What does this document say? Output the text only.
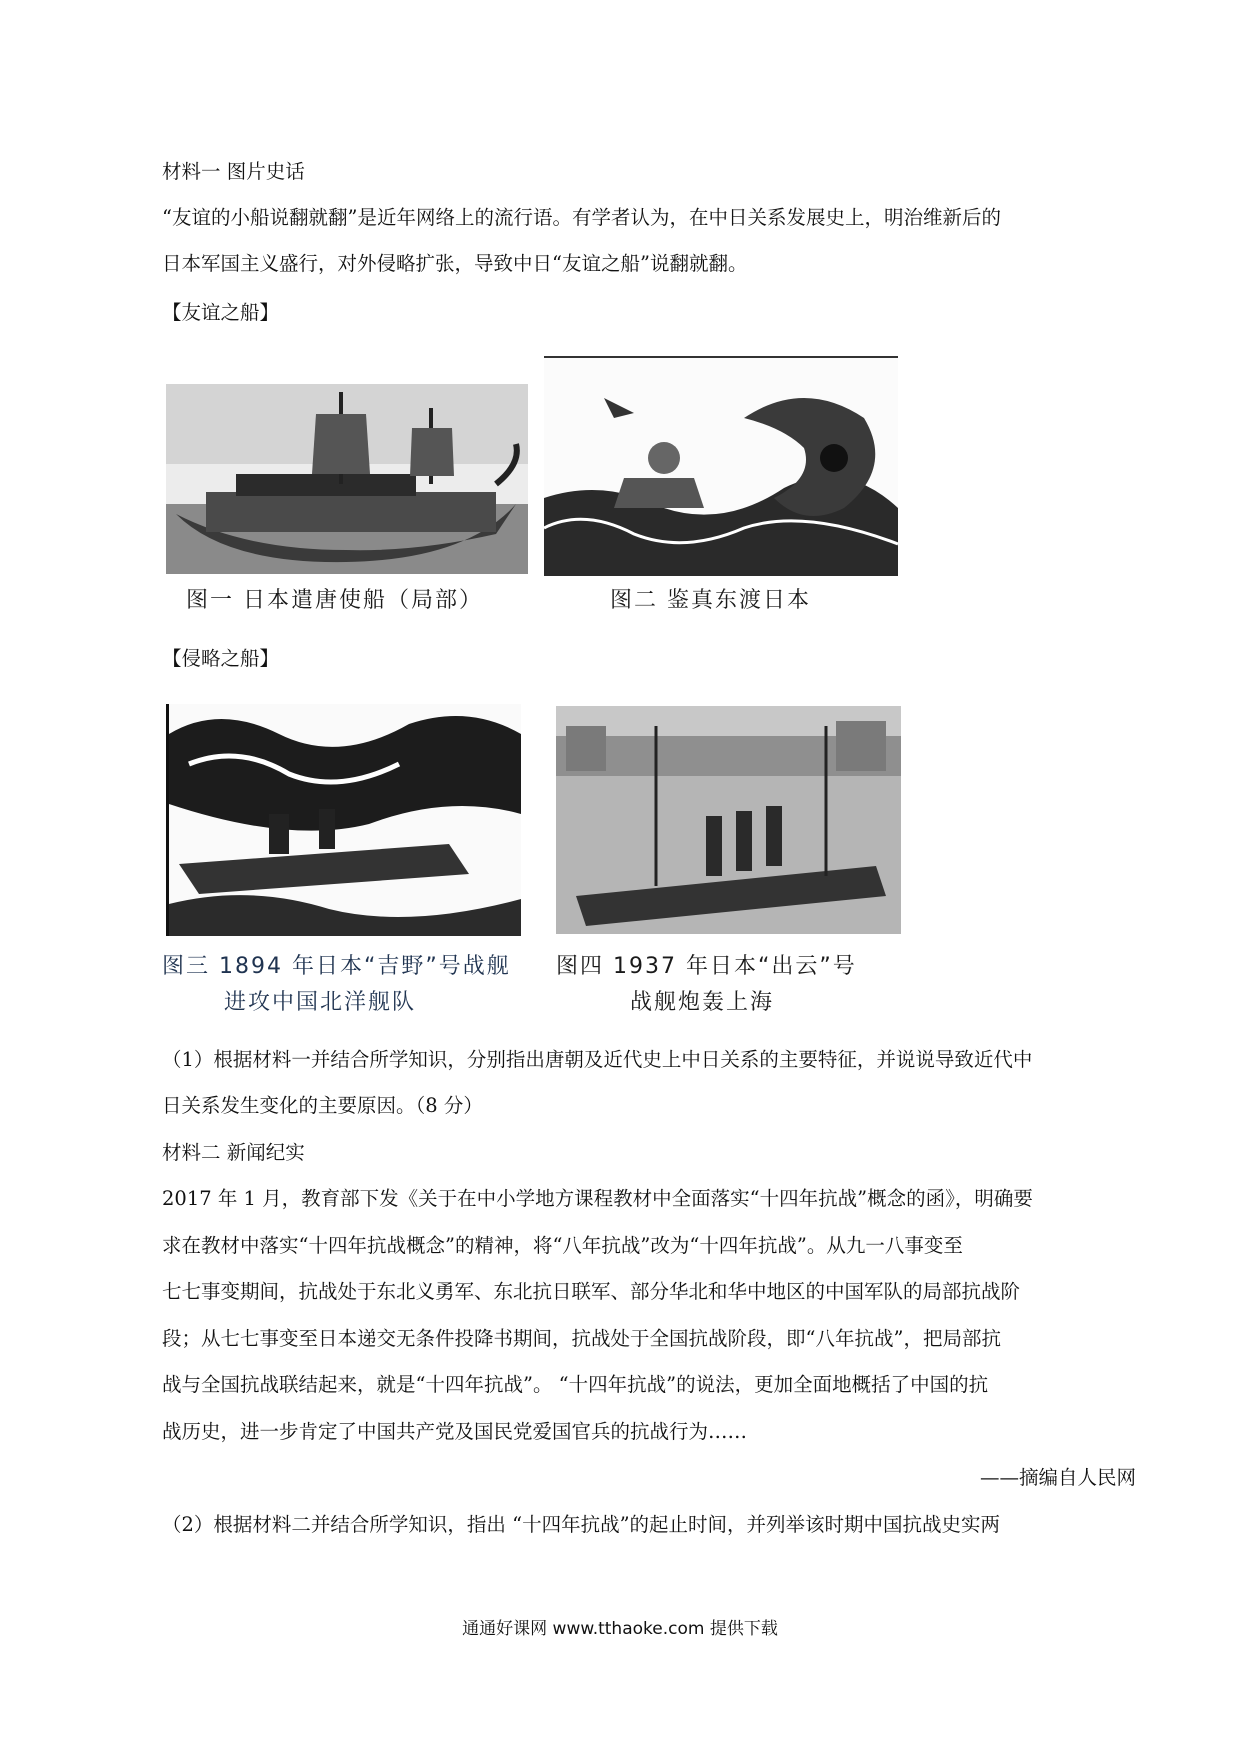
材料一 图片史话
“友谊的小船说翻就翻”是近年网络上的流行语。有学者认为，在中日关系发展史上，明治维新后的
日本军国主义盛行，对外侵略扩张，导致中日“友谊之船”说翻就翻。
【友谊之船】
图一 日本遣唐使船（局部）	图二 鉴真东渡日本
【侵略之船】
图三 1894 年日本“吉野”号战舰
进攻中国北洋舰队
图四 1937 年日本“出云”号
战舰炮轰上海
（1）根据材料一并结合所学知识，分别指出唐朝及近代史上中日关系的主要特征，并说说导致近代中
日关系发生变化的主要原因。（8 分）
材料二 新闻纪实
2017 年 1 月，教育部下发《关于在中小学地方课程教材中全面落实“十四年抗战”概念的函》，明确要
求在教材中落实“十四年抗战概念”的精神，将“八年抗战”改为“十四年抗战”。从九一八事变至
七七事变期间，抗战处于东北义勇军、东北抗日联军、部分华北和华中地区的中国军队的局部抗战阶
段；从七七事变至日本递交无条件投降书期间，抗战处于全国抗战阶段，即“八年抗战”，把局部抗
战与全国抗战联结起来，就是“十四年抗战”。 “十四年抗战”的说法，更加全面地概括了中国的抗
战历史，进一步肯定了中国共产党及国民党爱国官兵的抗战行为……
——摘编自人民网
（2）根据材料二并结合所学知识，指出 “十四年抗战”的起止时间，并列举该时期中国抗战史实两
通通好课网 www.tthaoke.com 提供下载
